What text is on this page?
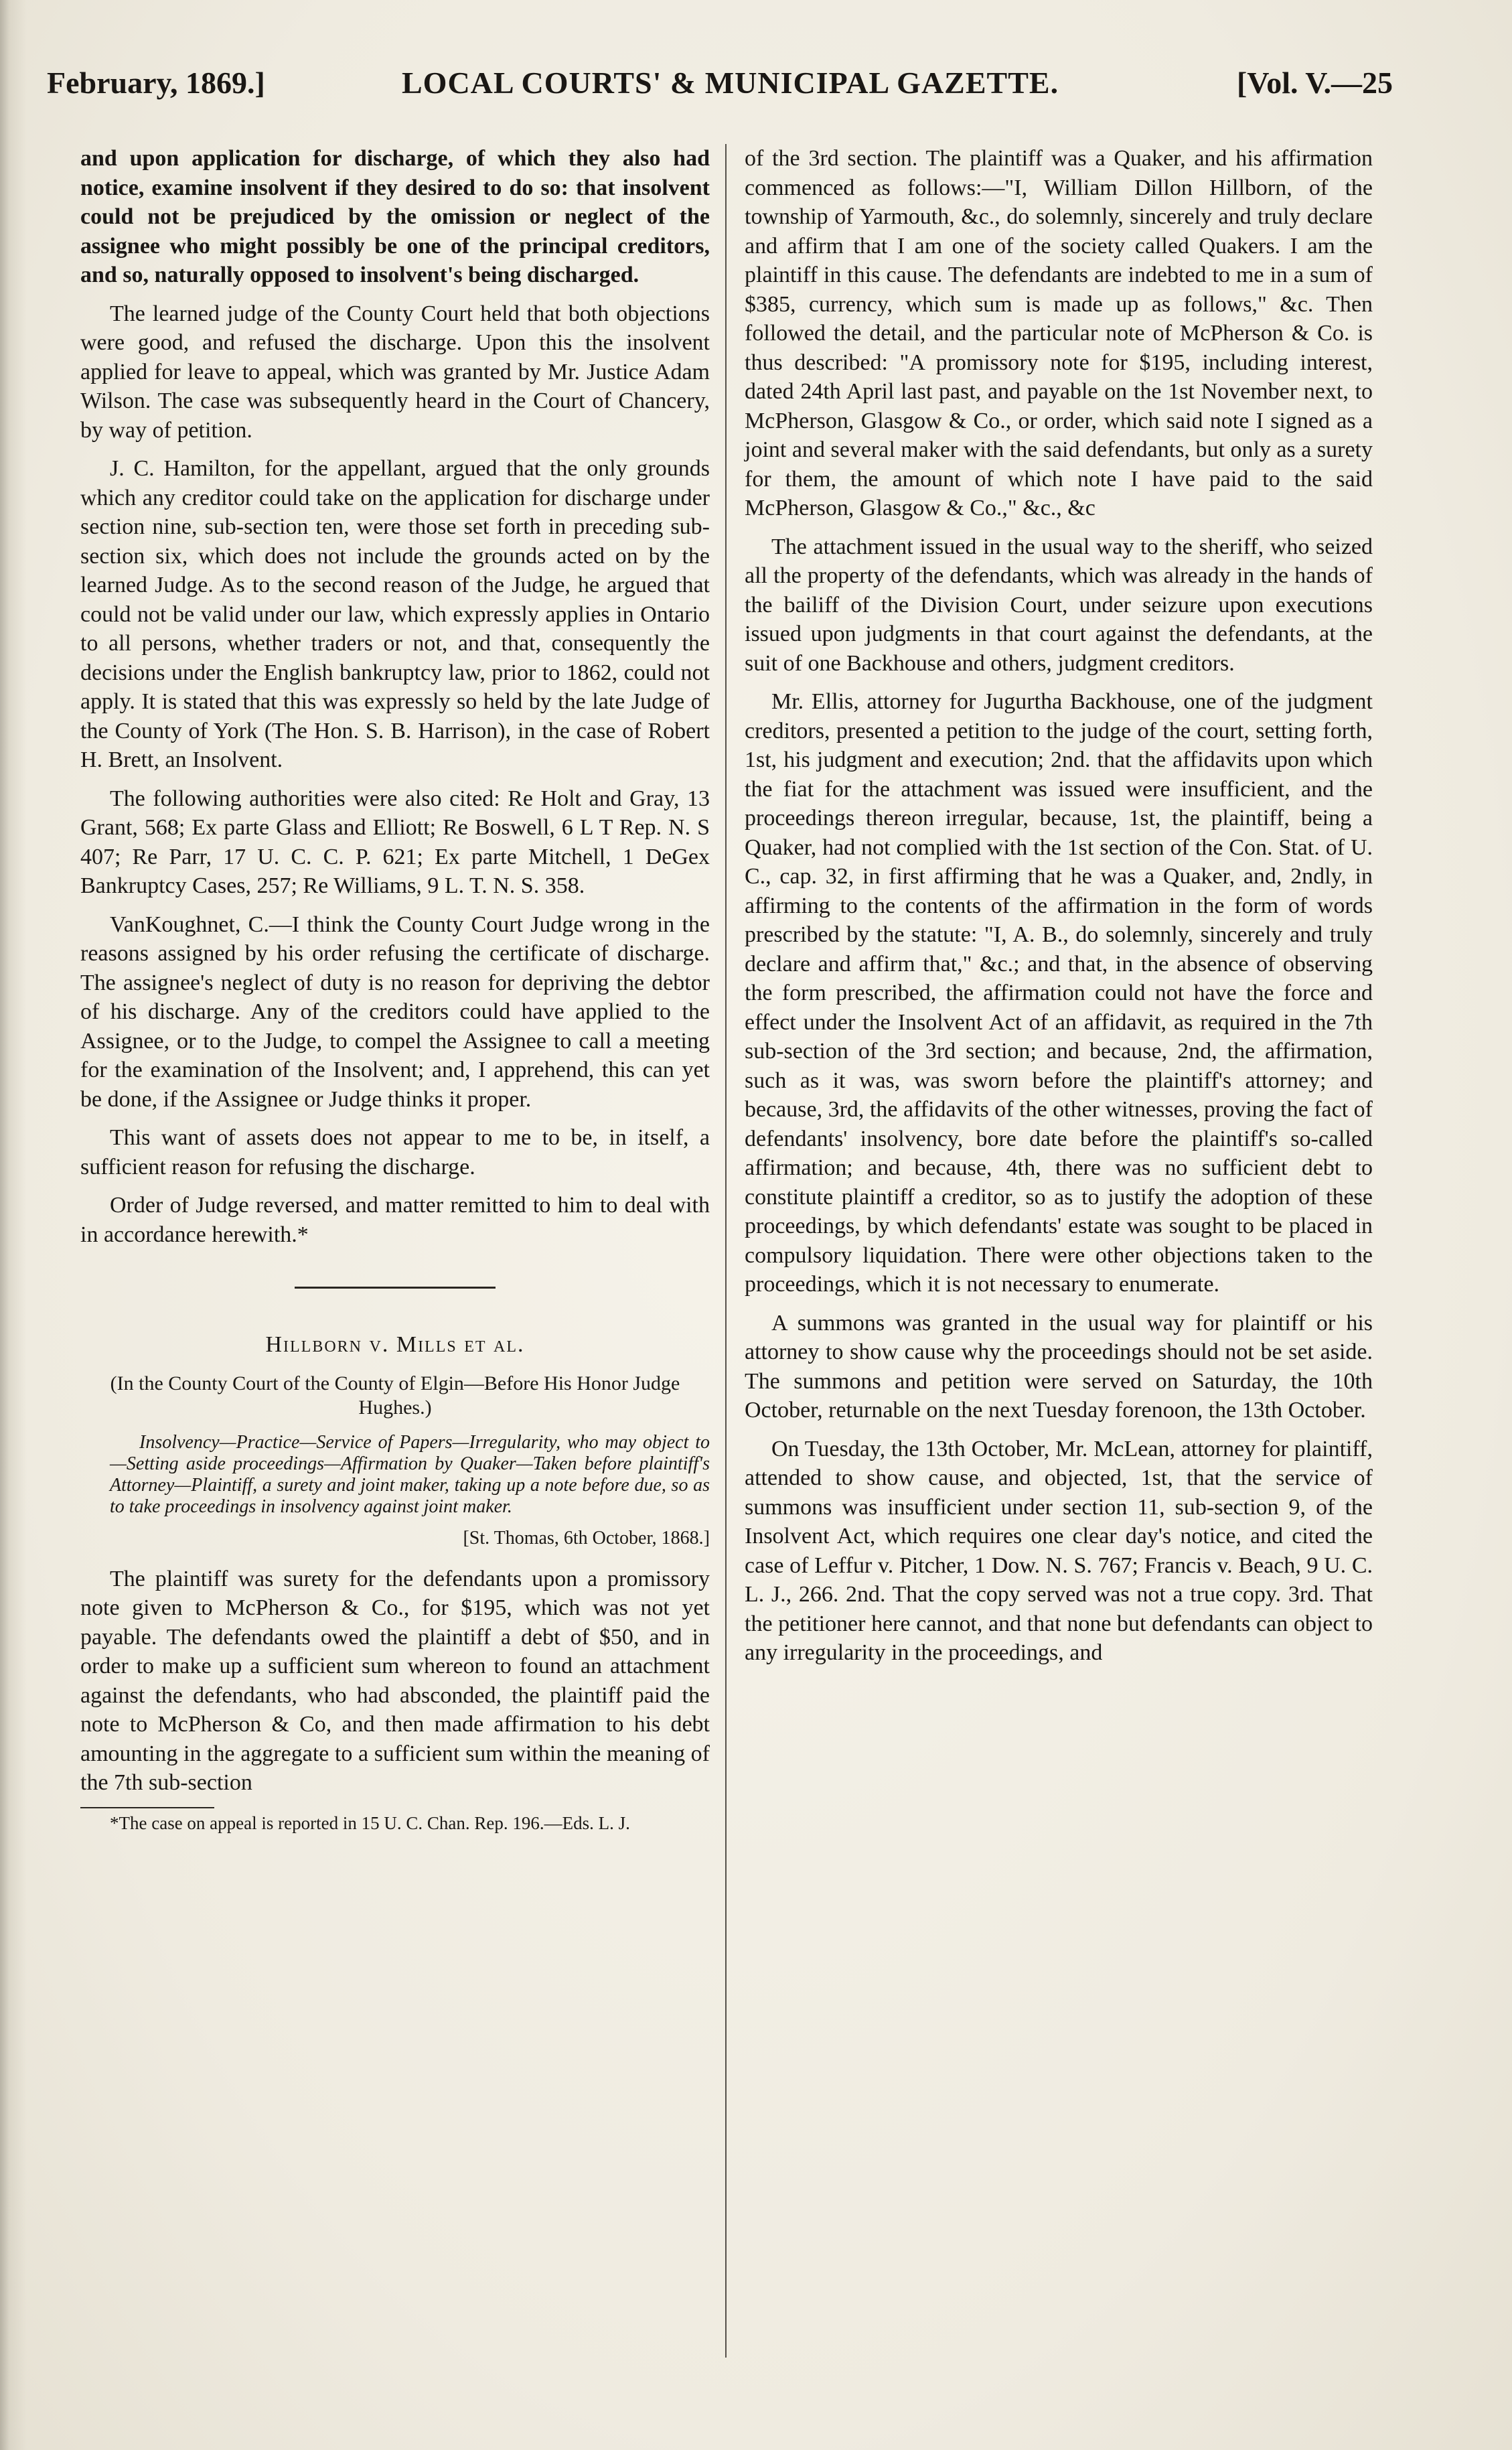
February, 1869.]	LOCAL COURTS' & MUNICIPAL GAZETTE.	[Vol. V.—25

and upon application for discharge, of which they also had notice, examine insolvent if they desired to do so: that insolvent could not be prejudiced by the omission or neglect of the assignee who might possibly be one of the principal creditors, and so, naturally opposed to insolvent's being discharged.

The learned judge of the County Court held that both objections were good, and refused the discharge. Upon this the insolvent applied for leave to appeal, which was granted by Mr. Justice Adam Wilson. The case was subsequently heard in the Court of Chancery, by way of petition.

J. C. Hamilton, for the appellant, argued that the only grounds which any creditor could take on the application for discharge under section nine, sub-section ten, were those set forth in preceding sub-section six, which does not include the grounds acted on by the learned Judge. As to the second reason of the Judge, he argued that could not be valid under our law, which expressly applies in Ontario to all persons, whether traders or not, and that, consequently the decisions under the English bankruptcy law, prior to 1862, could not apply. It is stated that this was expressly so held by the late Judge of the County of York (The Hon. S. B. Harrison), in the case of Robert H. Brett, an Insolvent.

The following authorities were also cited: Re Holt and Gray, 13 Grant, 568; Ex parte Glass and Elliott; Re Boswell, 6 L T Rep. N. S 407; Re Parr, 17 U. C. C. P. 621; Ex parte Mitchell, 1 DeGex Bankruptcy Cases, 257; Re Williams, 9 L. T. N. S. 358.

VanKoughnet, C.—I think the County Court Judge wrong in the reasons assigned by his order refusing the certificate of discharge. The assignee's neglect of duty is no reason for depriving the debtor of his discharge. Any of the creditors could have applied to the Assignee, or to the Judge, to compel the Assignee to call a meeting for the examination of the Insolvent; and, I apprehend, this can yet be done, if the Assignee or Judge thinks it proper.

This want of assets does not appear to me to be, in itself, a sufficient reason for refusing the discharge.

Order of Judge reversed, and matter remitted to him to deal with in accordance herewith.*

Hillborn v. Mills et al.
(In the County Court of the County of Elgin—Before His Honor Judge Hughes.)

Insolvency—Practice—Service of Papers—Irregularity, who may object to—Setting aside proceedings—Affirmation by Quaker—Taken before plaintiff's Attorney—Plaintiff, a surety and joint maker, taking up a note before due, so as to take proceedings in insolvency against joint maker.

[St. Thomas, 6th October, 1868.]

The plaintiff was surety for the defendants upon a promissory note given to McPherson & Co., for $195, which was not yet payable. The defendants owed the plaintiff a debt of $50, and in order to make up a sufficient sum whereon to found an attachment against the defendants, who had absconded, the plaintiff paid the note to McPherson & Co, and then made affirmation to his debt amounting in the aggregate to a sufficient sum within the meaning of the 7th sub-section

*The case on appeal is reported in 15 U. C. Chan. Rep. 196.—Eds. L. J.

of the 3rd section. The plaintiff was a Quaker, and his affirmation commenced as follows:—"I, William Dillon Hillborn, of the township of Yarmouth, &c., do solemnly, sincerely and truly declare and affirm that I am one of the society called Quakers. I am the plaintiff in this cause. The defendants are indebted to me in a sum of $385, currency, which sum is made up as follows," &c. Then followed the detail, and the particular note of McPherson & Co. is thus described: "A promissory note for $195, including interest, dated 24th April last past, and payable on the 1st November next, to McPherson, Glasgow & Co., or order, which said note I signed as a joint and several maker with the said defendants, but only as a surety for them, the amount of which note I have paid to the said McPherson, Glasgow & Co.," &c., &c

The attachment issued in the usual way to the sheriff, who seized all the property of the defendants, which was already in the hands of the bailiff of the Division Court, under seizure upon executions issued upon judgments in that court against the defendants, at the suit of one Backhouse and others, judgment creditors.

Mr. Ellis, attorney for Jugurtha Backhouse, one of the judgment creditors, presented a petition to the judge of the court, setting forth, 1st, his judgment and execution; 2nd. that the affidavits upon which the fiat for the attachment was issued were insufficient, and the proceedings thereon irregular, because, 1st, the plaintiff, being a Quaker, had not complied with the 1st section of the Con. Stat. of U. C., cap. 32, in first affirming that he was a Quaker, and, 2ndly, in affirming to the contents of the affirmation in the form of words prescribed by the statute: "I, A. B., do solemnly, sincerely and truly declare and affirm that," &c.; and that, in the absence of observing the form prescribed, the affirmation could not have the force and effect under the Insolvent Act of an affidavit, as required in the 7th sub-section of the 3rd section; and because, 2nd, the affirmation, such as it was, was sworn before the plaintiff's attorney; and because, 3rd, the affidavits of the other witnesses, proving the fact of defendants' insolvency, bore date before the plaintiff's so-called affirmation; and because, 4th, there was no sufficient debt to constitute plaintiff a creditor, so as to justify the adoption of these proceedings, by which defendants' estate was sought to be placed in compulsory liquidation. There were other objections taken to the proceedings, which it is not necessary to enumerate.

A summons was granted in the usual way for plaintiff or his attorney to show cause why the proceedings should not be set aside. The summons and petition were served on Saturday, the 10th October, returnable on the next Tuesday forenoon, the 13th October.

On Tuesday, the 13th October, Mr. McLean, attorney for plaintiff, attended to show cause, and objected, 1st, that the service of summons was insufficient under section 11, sub-section 9, of the Insolvent Act, which requires one clear day's notice, and cited the case of Leffur v. Pitcher, 1 Dow. N. S. 767; Francis v. Beach, 9 U. C. L. J., 266. 2nd. That the copy served was not a true copy. 3rd. That the petitioner here cannot, and that none but defendants can object to any irregularity in the proceedings, and
